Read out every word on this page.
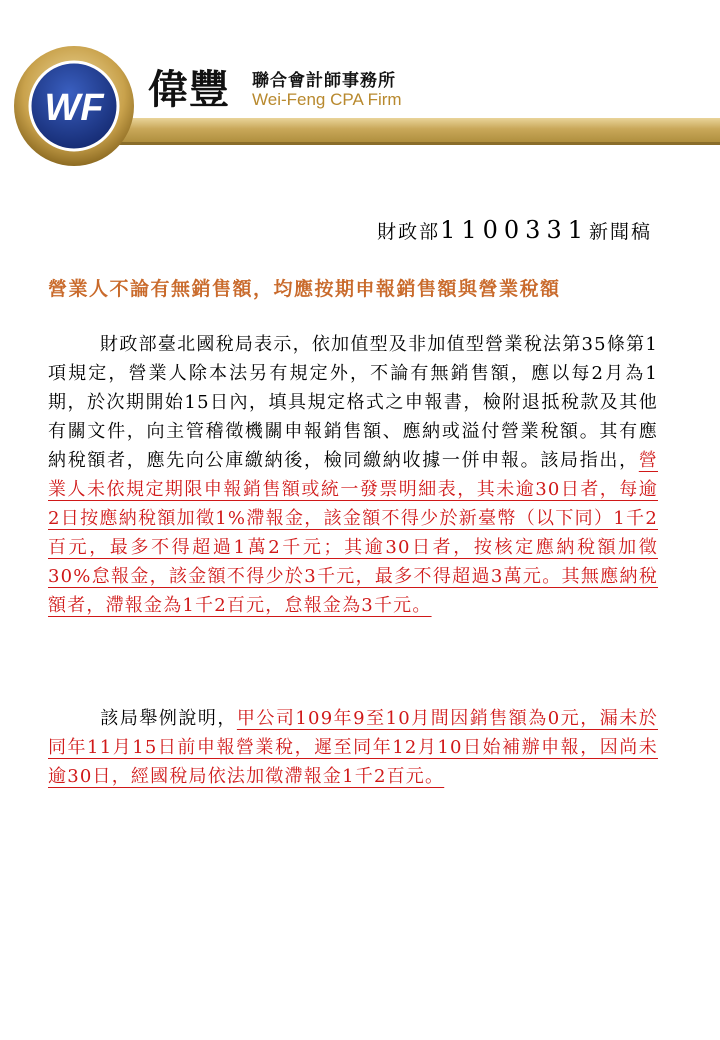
WF 偉豐 聯合會計師事務所
Wei-Feng CPA Firm
財政部1100331新聞稿
營業人不論有無銷售額，均應按期申報銷售額與營業稅額
財政部臺北國稅局表示，依加值型及非加值型營業稅法第35條第1項規定，營業人除本法另有規定外，不論有無銷售額，應以每2月為1期，於次期開始15日內，填具規定格式之申報書，檢附退抵稅款及其他有關文件，向主管稽徵機關申報銷售額、應納或溢付營業稅額。其有應納稅額者，應先向公庫繳納後，檢同繳納收據一併申報。該局指出，營業人未依規定期限申報銷售額或統一發票明細表，其未逾30日者，每逾2日按應納稅額加徵1%滯報金，該金額不得少於新臺幣（以下同）1千2百元，最多不得超過1萬2千元；其逾30日者，按核定應納稅額加徵30%怠報金，該金額不得少於3千元，最多不得超過3萬元。其無應納稅額者，滯報金為1千2百元，怠報金為3千元。
該局舉例說明，甲公司109年9至10月間因銷售額為0元，漏未於同年11月15日前申報營業稅，遲至同年12月10日始補辦申報，因尚未逾30日，經國稅局依法加徵滯報金1千2百元。
